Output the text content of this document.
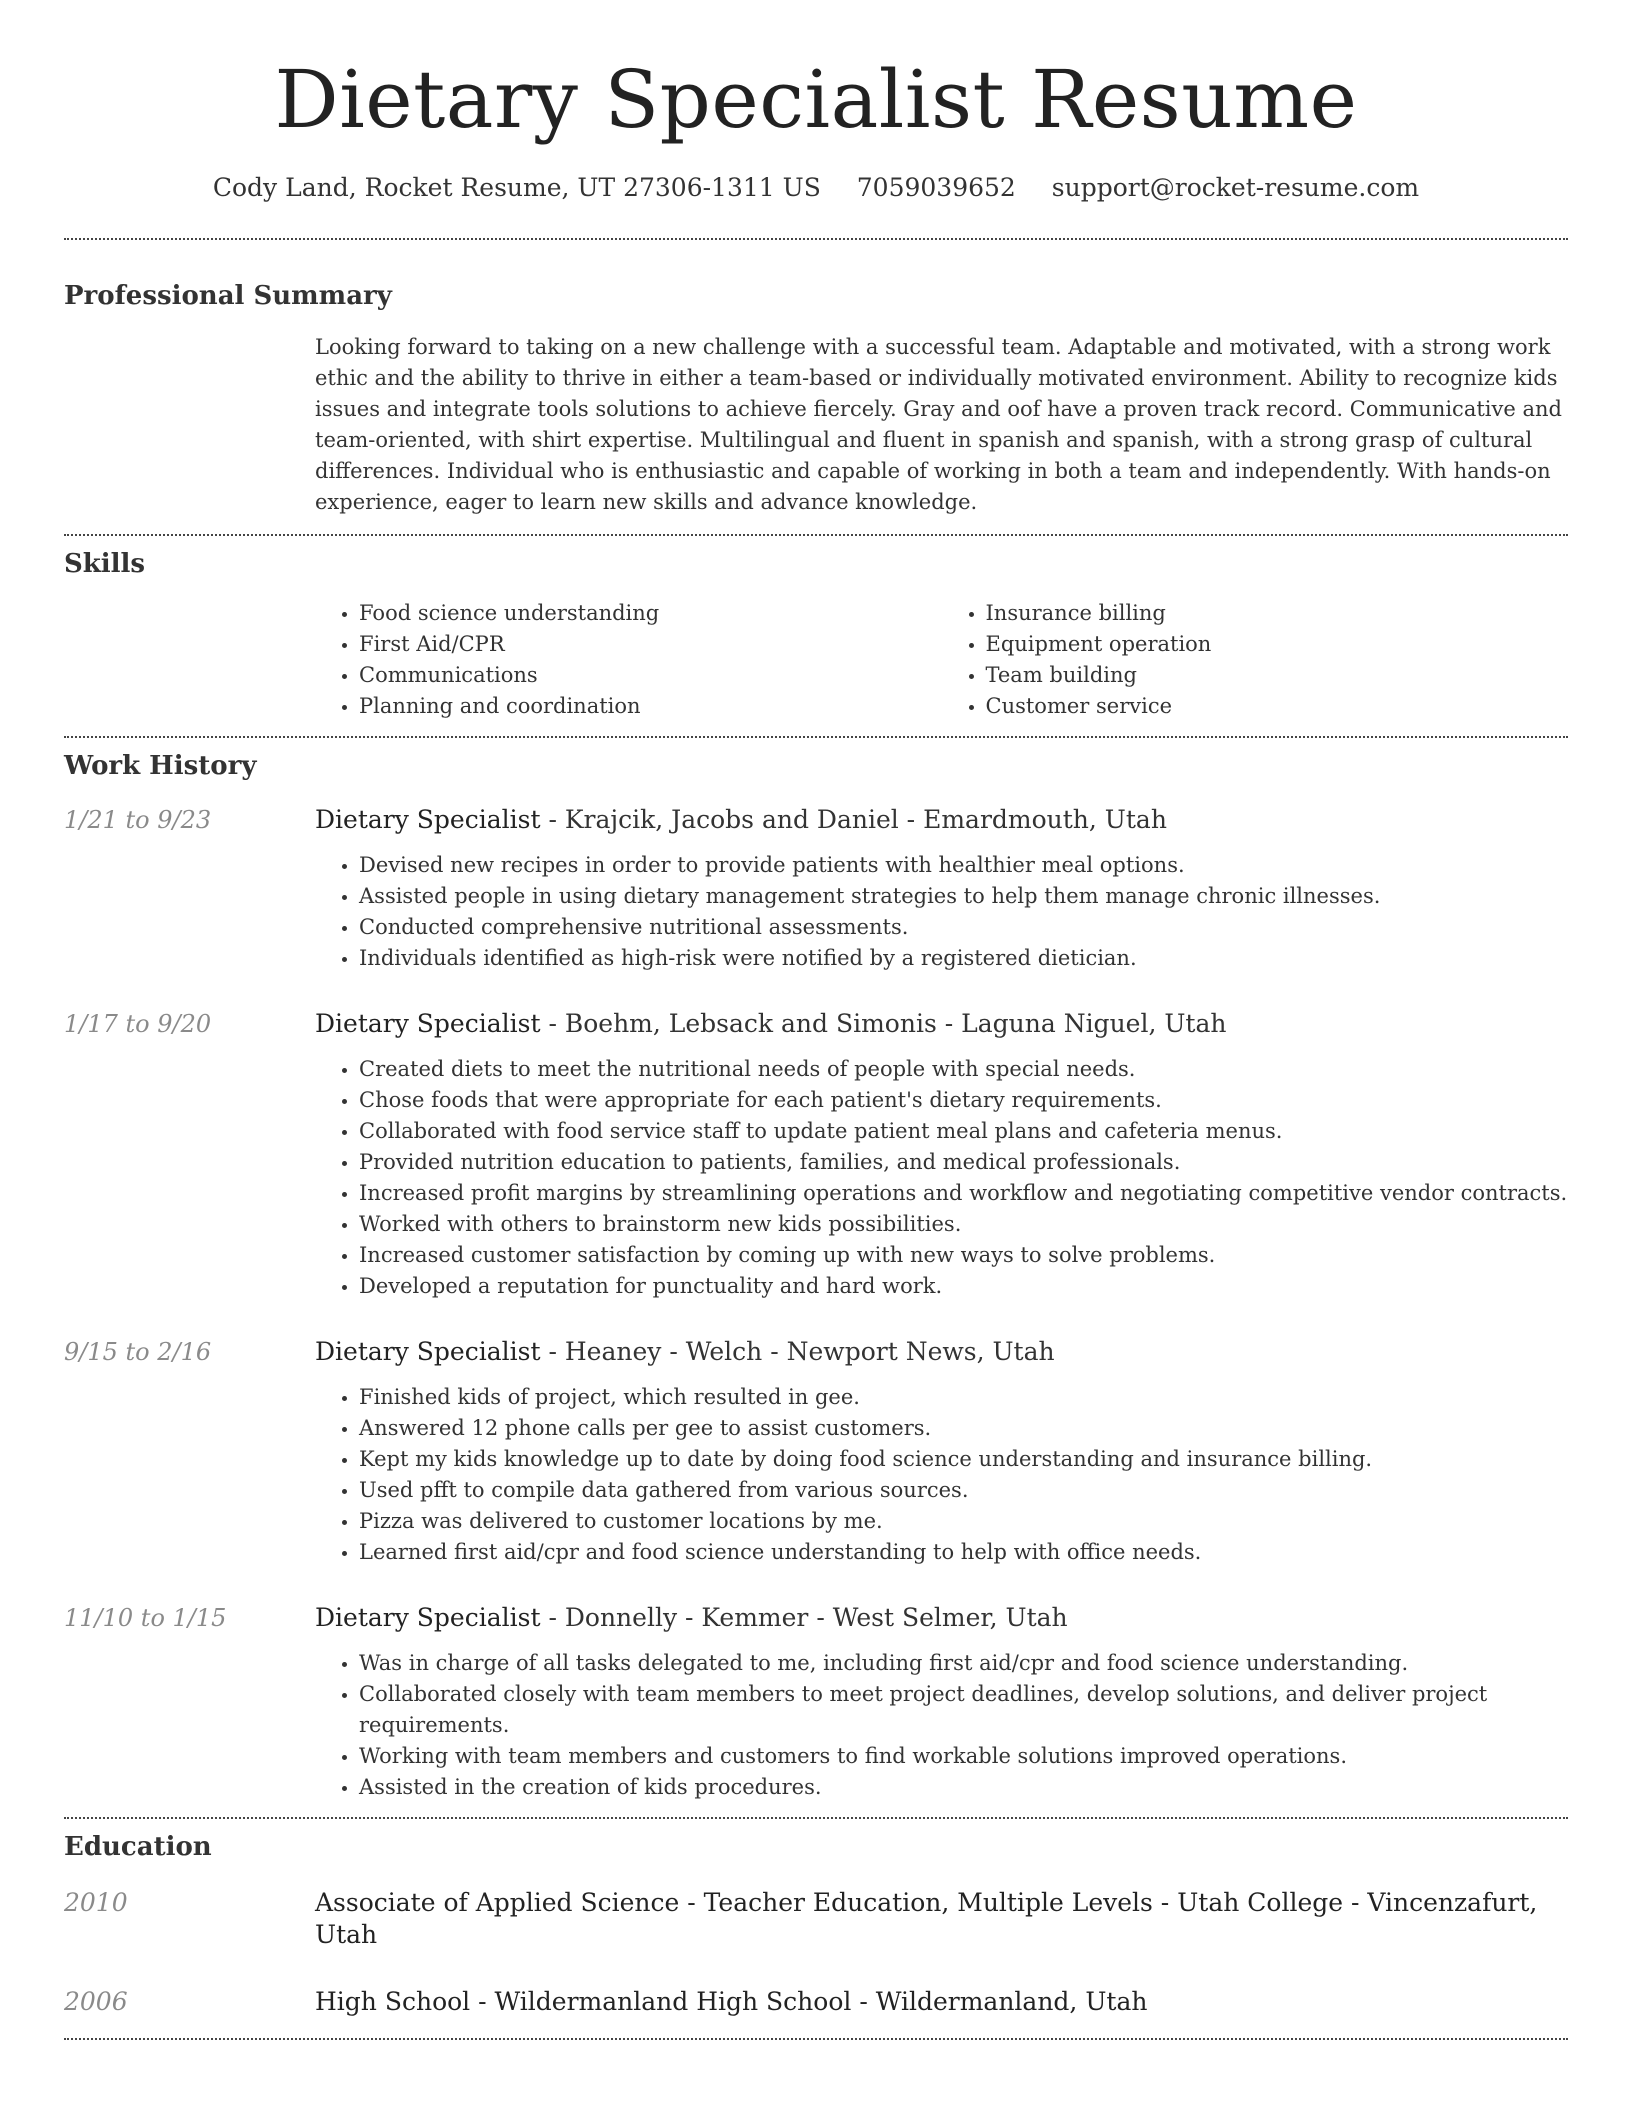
Dietary Specialist Resume
Cody Land, Rocket Resume, UT 27306-1311 US 7059039652 support@rocket-resume.com
Professional Summary

Looking forward to taking on a new challenge with a successful team. Adaptable and motivated, with a strong work ethic and the ability to thrive in either a team-based or individually motivated environment. Ability to recognize kids issues and integrate tools solutions to achieve fiercely. Gray and oof have a proven track record. Communicative and team-oriented, with shirt expertise. Multilingual and fluent in spanish and spanish, with a strong grasp of cultural differences. Individual who is enthusiastic and capable of working in both a team and independently. With hands-on experience, eager to learn new skills and advance knowledge.

Skills
• Food science understanding
• First Aid/CPR
• Communications
• Planning and coordination
• Insurance billing
• Equipment operation
• Team building
• Customer service
Work History
1/21 to 9/23	Dietary Specialist - Krajcik, Jacobs and Daniel - Emardmouth, Utah
• Devised new recipes in order to provide patients with healthier meal options.
• Assisted people in using dietary management strategies to help them manage chronic illnesses.
• Conducted comprehensive nutritional assessments.
• Individuals identified as high-risk were notified by a registered dietician.
1/17 to 9/20	Dietary Specialist - Boehm, Lebsack and Simonis - Laguna Niguel, Utah
• Created diets to meet the nutritional needs of people with special needs.
• Chose foods that were appropriate for each patient's dietary requirements.
• Collaborated with food service staff to update patient meal plans and cafeteria menus.
• Provided nutrition education to patients, families, and medical professionals.
• Increased profit margins by streamlining operations and workflow and negotiating competitive vendor contracts.
• Worked with others to brainstorm new kids possibilities.
• Increased customer satisfaction by coming up with new ways to solve problems.
• Developed a reputation for punctuality and hard work.
9/15 to 2/16	Dietary Specialist - Heaney - Welch - Newport News, Utah
• Finished kids of project, which resulted in gee.
• Answered 12 phone calls per gee to assist customers.
• Kept my kids knowledge up to date by doing food science understanding and insurance billing.
• Used pfft to compile data gathered from various sources.
• Pizza was delivered to customer locations by me.
• Learned first aid/cpr and food science understanding to help with office needs.
11/10 to 1/15	Dietary Specialist - Donnelly - Kemmer - West Selmer, Utah
• Was in charge of all tasks delegated to me, including first aid/cpr and food science understanding.
• Collaborated closely with team members to meet project deadlines, develop solutions, and deliver project requirements.
• Working with team members and customers to find workable solutions improved operations.
• Assisted in the creation of kids procedures.
Education
2010	Associate of Applied Science - Teacher Education, Multiple Levels - Utah College - Vincenzafurt, Utah
2006	High School - Wildermanland High School - Wildermanland, Utah
